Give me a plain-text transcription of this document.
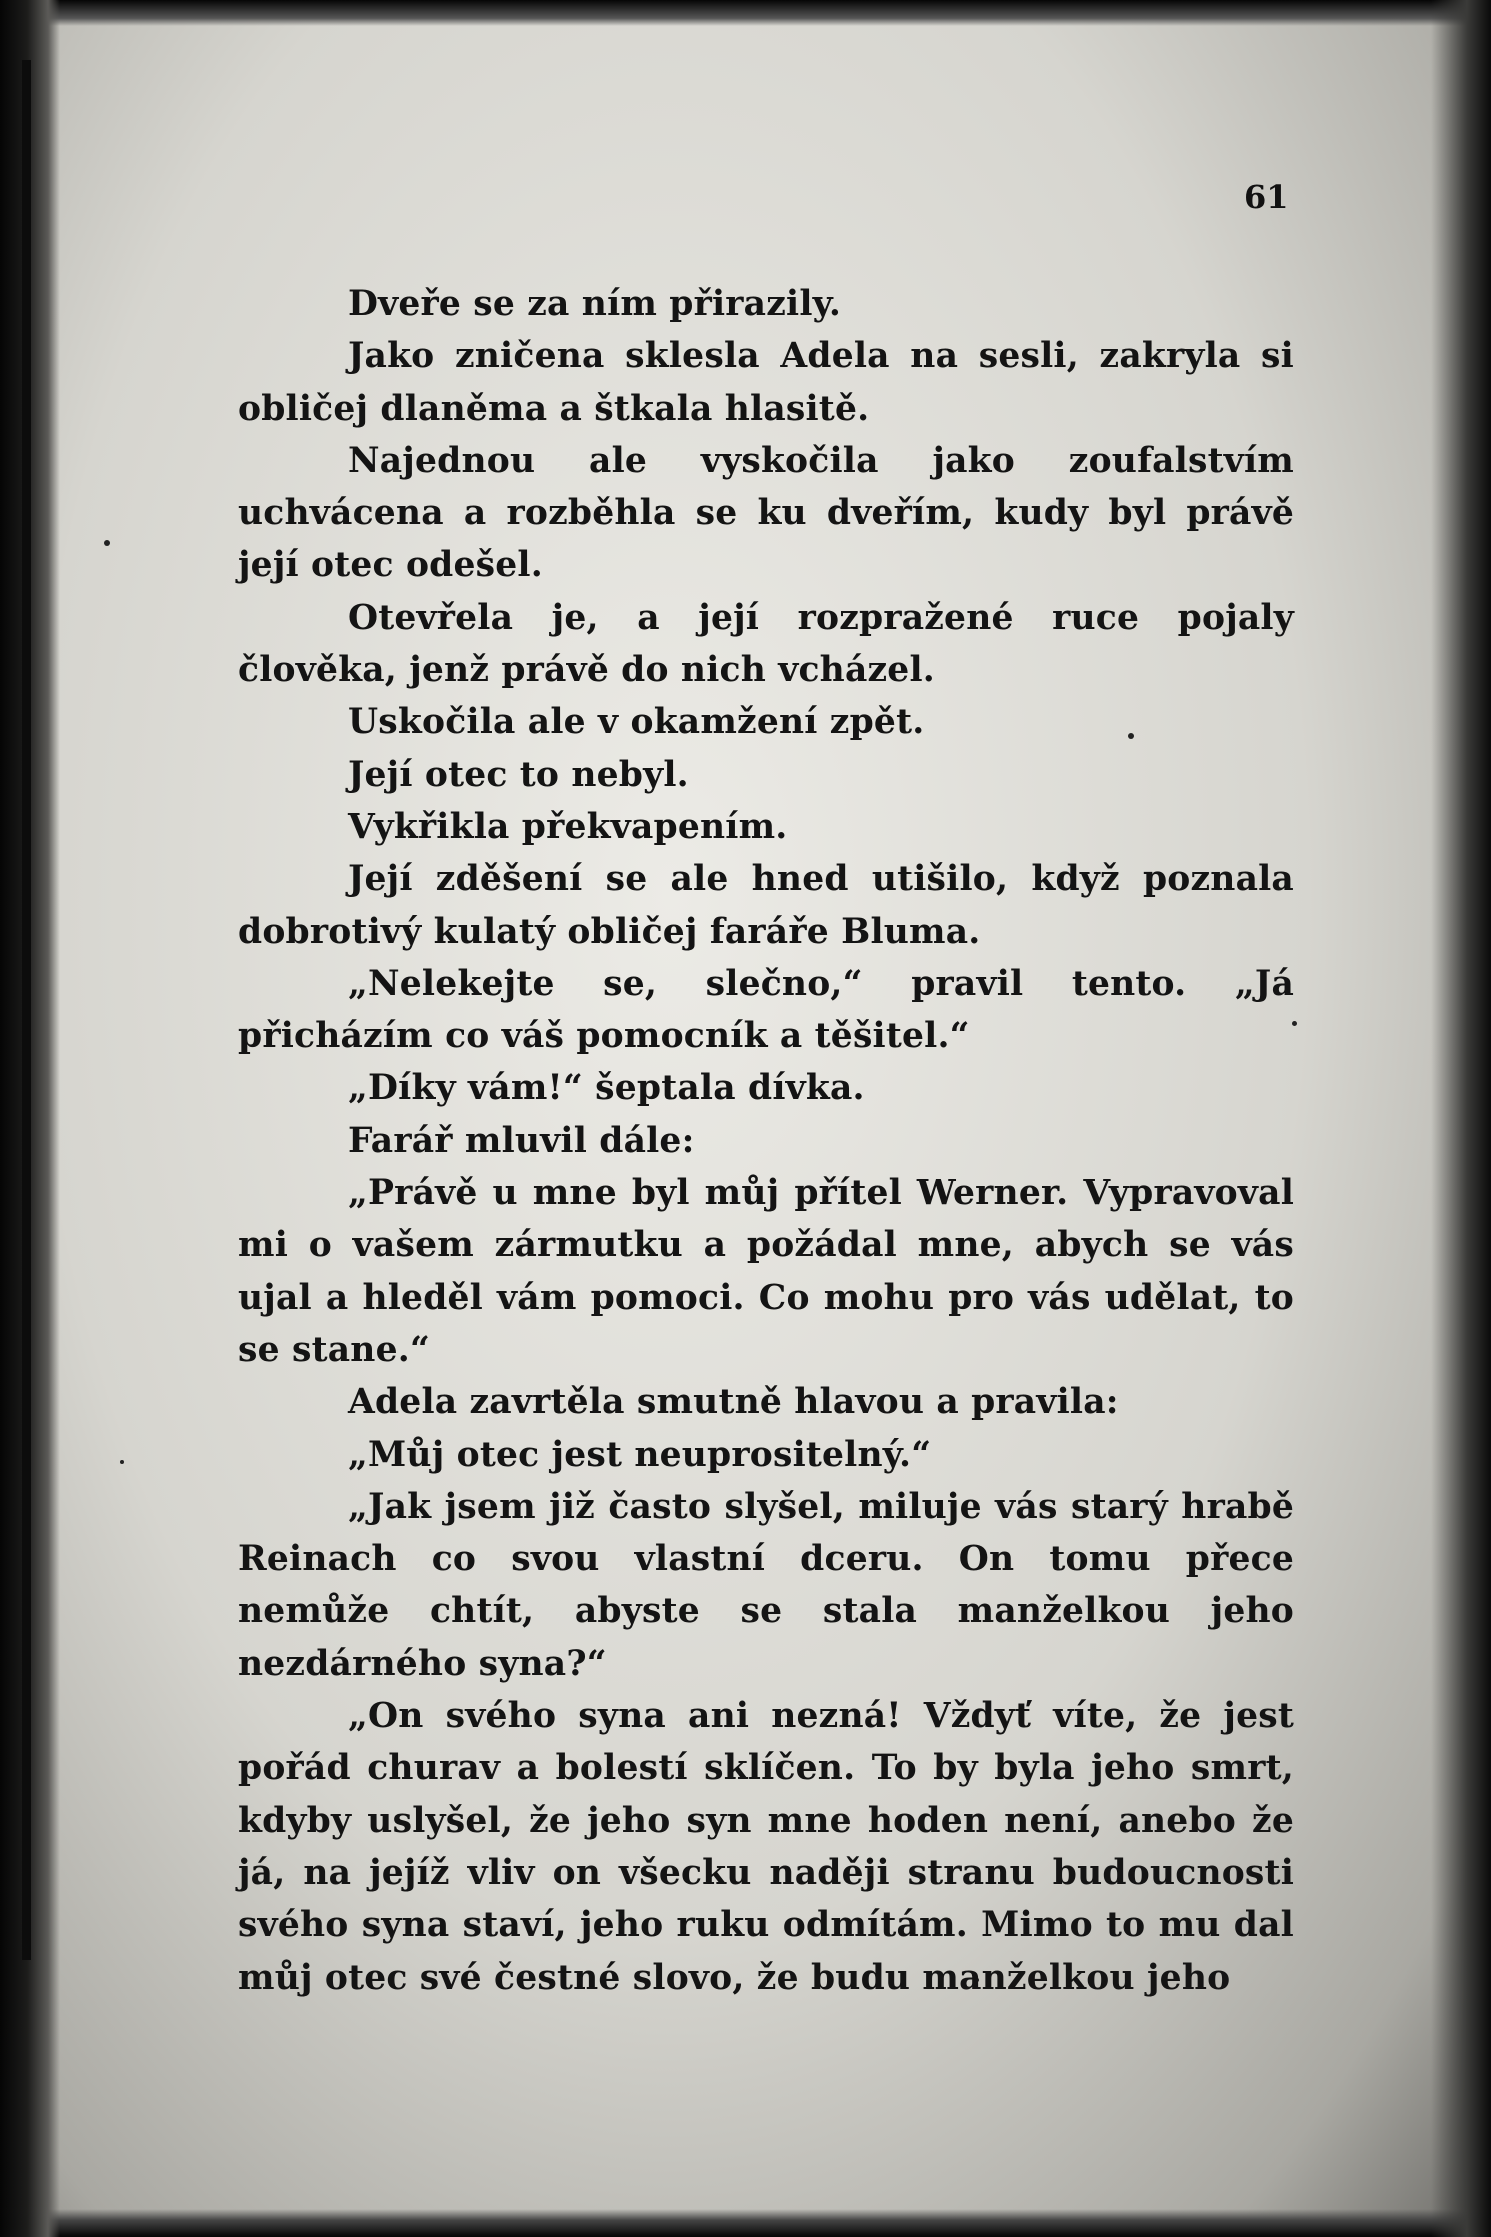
61

Dveře se za ním přirazily.

Jako zničena sklesla Adela na sesli, zakryla si obličej dlaněma a štkala hlasitě.

Najednou ale vyskočila jako zoufalstvím uchvácena a rozběhla se ku dveřím, kudy byl právě její otec odešel.

Otevřela je, a její rozpražené ruce pojaly člověka, jenž právě do nich vcházel.

Uskočila ale v okamžení zpět.

Její otec to nebyl.

Vykřikla překvapením.

Její zděšení se ale hned utišilo, když poznala dobrotivý kulatý obličej faráře Bluma.

„Nelekejte se, slečno,“ pravil tento. „Já přicházím co váš pomocník a těšitel.“

„Díky vám!“ šeptala dívka.

Farář mluvil dále:

„Právě u mne byl můj přítel Werner. Vypravoval mi o vašem zármutku a požádal mne, abych se vás ujal a hleděl vám pomoci. Co mohu pro vás udělat, to se stane.“

Adela zavrtěla smutně hlavou a pravila:

„Můj otec jest neuprositelný.“

„Jak jsem již často slyšel, miluje vás starý hrabě Reinach co svou vlastní dceru. On tomu přece nemůže chtít, abyste se stala manželkou jeho nezdárného syna?“

„On svého syna ani nezná! Vždyť víte, že jest pořád churav a bolestí sklíčen. To by byla jeho smrt, kdyby uslyšel, že jeho syn mne hoden není, anebo že já, na jejíž vliv on všecku naději stranu budoucnosti svého syna staví, jeho ruku odmítám. Mimo to mu dal můj otec své čestné slovo, že budu manželkou jeho
